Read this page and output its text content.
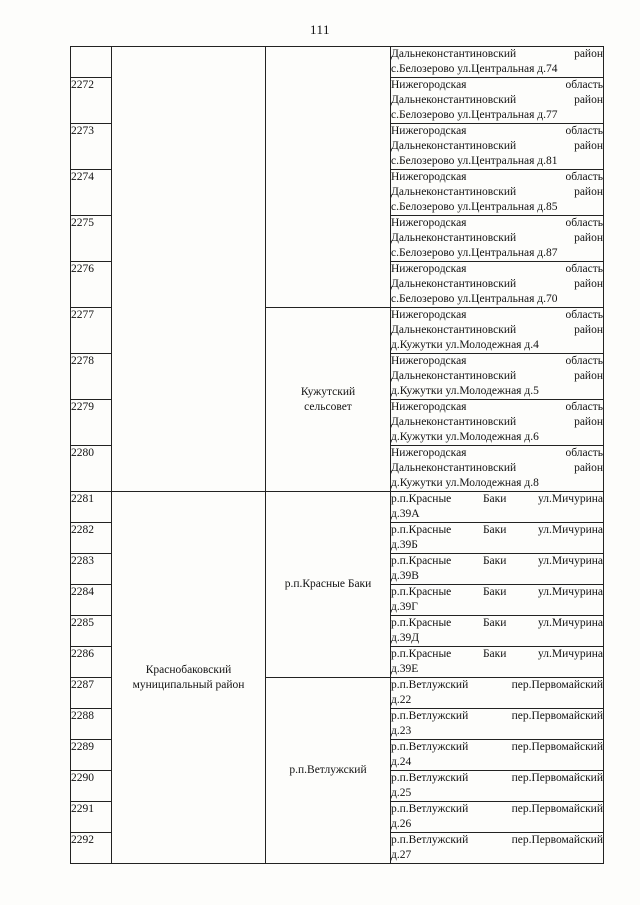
111

			Дальнеконстантиновский район
с.Белозерово ул.Центральная д.74

2272			Нижегородская область
Дальнеконстантиновский район
с.Белозерово ул.Центральная д.77

2273			Нижегородская область
Дальнеконстантиновский район
с.Белозерово ул.Центральная д.81

2274			Нижегородская область
Дальнеконстантиновский район
с.Белозерово ул.Центральная д.85

2275			Нижегородская область
Дальнеконстантиновский район
с.Белозерово ул.Центральная д.87

2276			Нижегородская область
Дальнеконстантиновский район
с.Белозерово ул.Центральная д.70

2277		Кужутский
сельсовет	Нижегородская область
Дальнеконстантиновский район
д.Кужутки ул.Молодежная д.4

2278			Нижегородская область
Дальнеконстантиновский район
д.Кужутки ул.Молодежная д.5

2279			Нижегородская область
Дальнеконстантиновский район
д.Кужутки ул.Молодежная д.6

2280			Нижегородская область
Дальнеконстантиновский район
д.Кужутки ул.Молодежная д.8

2281	Краснобаковский
муниципальный район	р.п.Красные Баки	р.п.Красные Баки ул.Мичурина
д.39А

2282			р.п.Красные Баки ул.Мичурина
д.39Б

2283			р.п.Красные Баки ул.Мичурина
д.39В

2284			р.п.Красные Баки ул.Мичурина
д.39Г

2285			р.п.Красные Баки ул.Мичурина
д.39Д

2286			р.п.Красные Баки ул.Мичурина
д.39Е

2287		р.п.Ветлужский	р.п.Ветлужский пер.Первомайский
д.22

2288			р.п.Ветлужский пер.Первомайский
д.23

2289			р.п.Ветлужский пер.Первомайский
д.24

2290			р.п.Ветлужский пер.Первомайский
д.25

2291			р.п.Ветлужский пер.Первомайский
д.26

2292			р.п.Ветлужский пер.Первомайский
д.27
